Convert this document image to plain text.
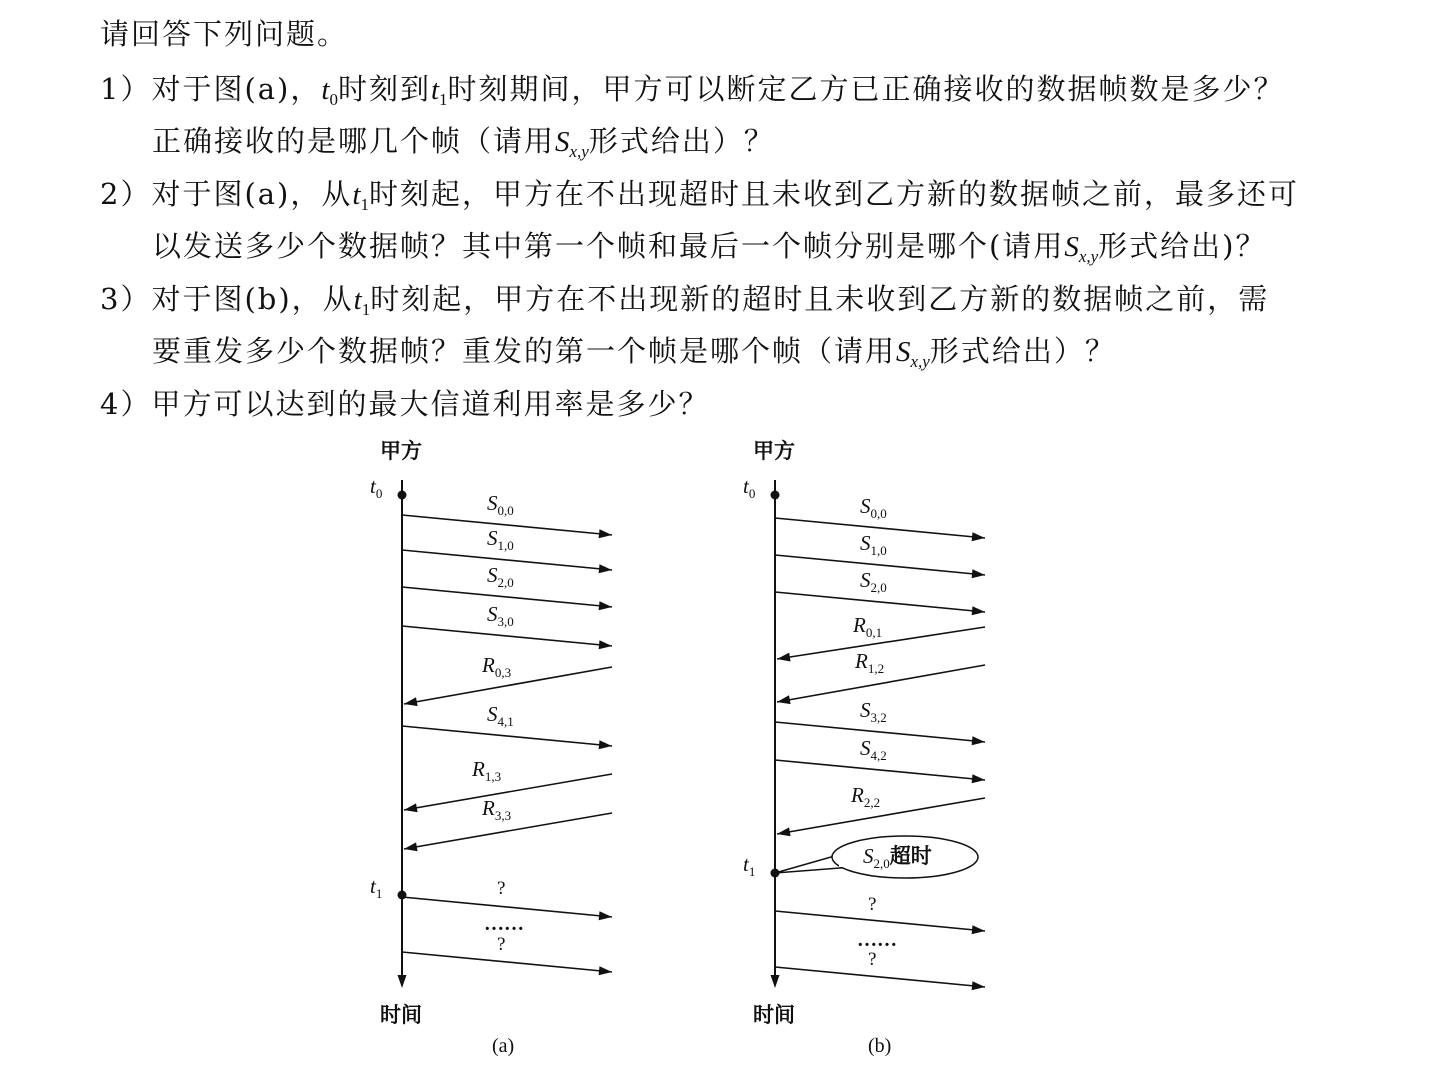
请回答下列问题。
1）对于图(a)，$t_0$时刻到$t_1$时刻期间，甲方可以断定乙方已正确接收的数据帧数是多少？
正确接收的是哪几个帧（请用$S_{x,y}$形式给出）？
2）对于图(a)，从$t_1$时刻起，甲方在不出现超时且未收到乙方新的数据帧之前，最多还可
以发送多少个数据帧？其中第一个帧和最后一个帧分别是哪个(请用$S_{x,y}$形式给出)？
3）对于图(b)，从$t_1$时刻起，甲方在不出现新的超时且未收到乙方新的数据帧之前，需
要重发多少个数据帧？重发的第一个帧是哪个帧（请用$S_{x,y}$形式给出）？
4）甲方可以达到的最大信道利用率是多少？
甲方
时间
(a)
$t_0$
$t_1$
$S_{0,0}$
$S_{1,0}$
$S_{2,0}$
$S_{3,0}$
$R_{0,3}$
$S_{4,1}$
$R_{1,3}$
$R_{3,3}$
?
?
……
甲方
时间
(b)
$t_0$
$t_1$
$S_{0,0}$
$S_{1,0}$
$S_{2,0}$
$R_{0,1}$
$R_{1,2}$
$S_{3,2}$
$S_{4,2}$
$R_{2,2}$
?
?
……
$S_{2,0}$超时
